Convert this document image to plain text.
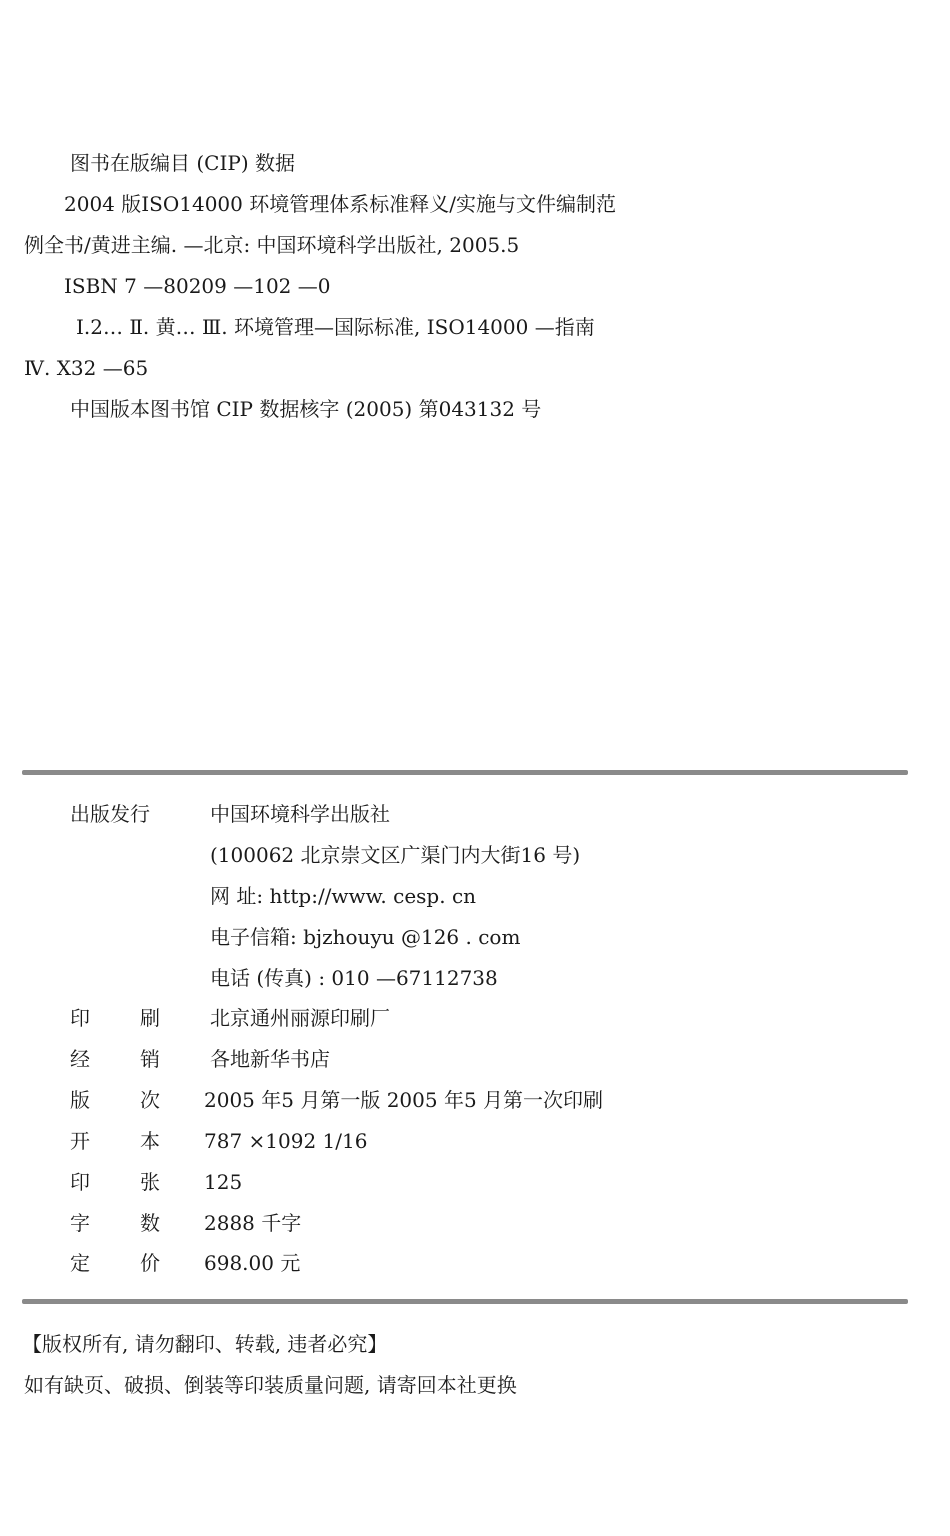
图书在版编目 (CIP) 数据
2004 版ISO14000 环境管理体系标准释义/实施与文件编制范
例全书/黄进主编. —北京: 中国环境科学出版社, 2005.5
ISBN 7 —80209 —102 —0
Ⅰ.2… Ⅱ. 黄… Ⅲ. 环境管理—国际标准, ISO14000 —指南
Ⅳ. X32 —65
中国版本图书馆 CIP 数据核字 (2005) 第043132 号
出版发行	中国环境科学出版社
(100062 北京崇文区广渠门内大街16 号)
网 址: http://www. cesp. cn
电子信箱: bjzhouyu @126 . com
电话 (传真) : 010 —67112738
印	刷	北京通州丽源印刷厂
经	销	各地新华书店
版	次 2005 年5 月第一版 2005 年5 月第一次印刷
开	本 787 ×1092 1/16
印	张 125
字	数 2888 千字
定	价 698.00 元
【版权所有, 请勿翻印、转载, 违者必究】
如有缺页、破损、倒装等印装质量问题, 请寄回本社更换
